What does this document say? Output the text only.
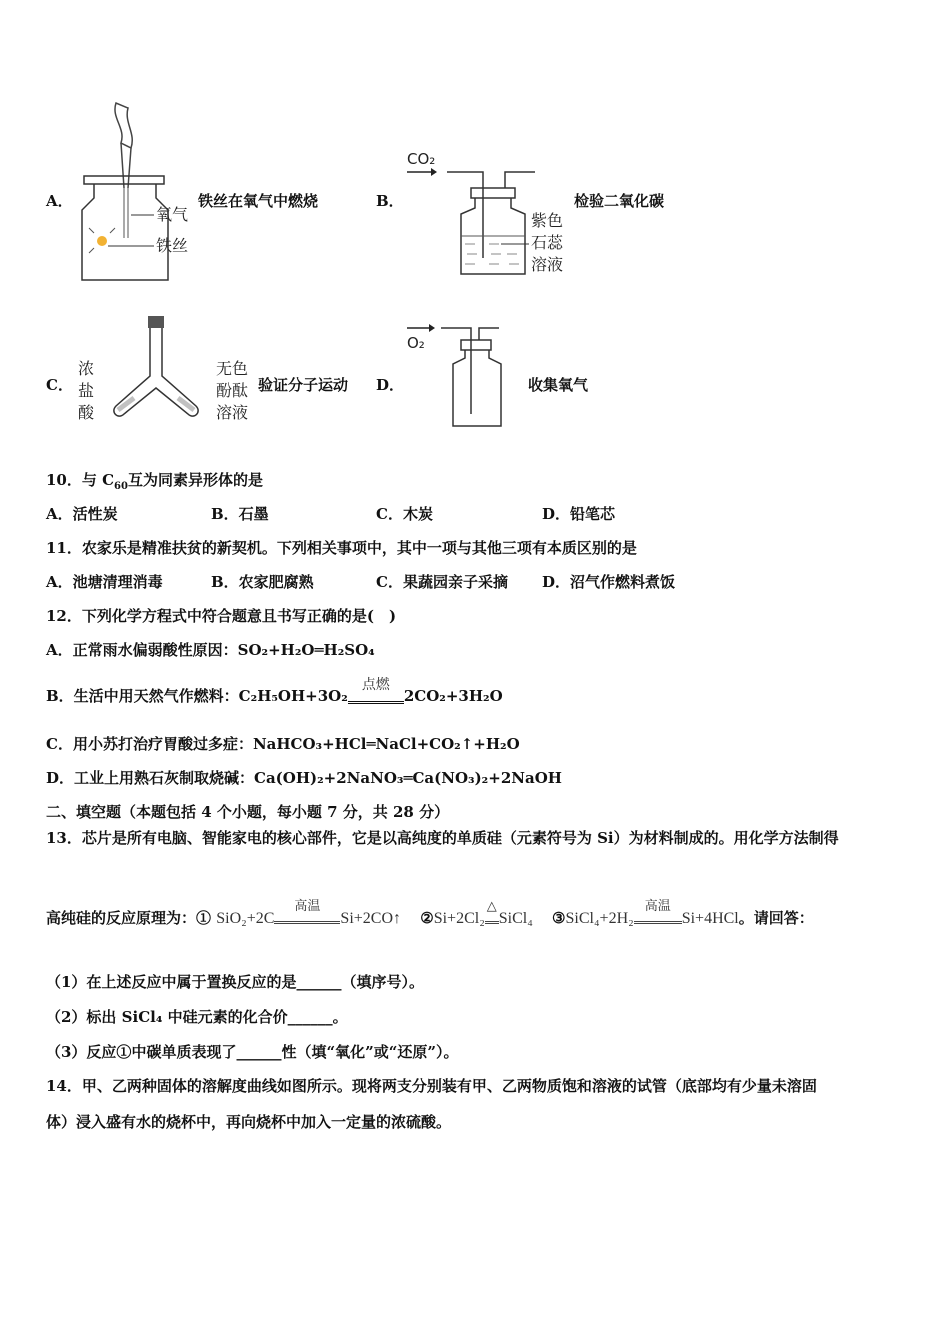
A．
氧气
铁丝
铁丝在氧气中燃烧	B．
CO₂
紫色
石蕊
溶液
检验二氧化碳
C．
浓
盐
酸
无色
酚酞
溶液
验证分子运动 D．
O₂
收集氧气
10．与 $C_{60}$互为同素异形体的是
A．活性炭	B．石墨	C．木炭	D．铅笔芯
11．农家乐是精准扶贫的新契机。下列相关事项中，其中一项与其他三项有本质区别的是
A．池塘清理消毒	B．农家肥腐熟	C．果蔬园亲子采摘 D．沼气作燃料煮饭
12．下列化学方程式中符合题意且书写正确的是(　)
A．正常雨水偏弱酸性原因：SO₂+H₂O═H₂SO₄
B．生活中用天然气作燃料：C₂H₅OH+3O₂
点燃
2CO₂+3H₂O
C．用小苏打治疗胃酸过多症：NaHCO₃+HCl═NaCl+CO₂↑+H₂O
D．工业上用熟石灰制取烧碱：Ca(OH)₂+2NaNO₃═Ca(NO₃)₂+2NaOH
二、填空题（本题包括 4 个小题，每小题 7 分，共 28 分）
13．芯片是所有电脑、智能家电的核心部件，它是以高纯度的单质硅（元素符号为 Si）为材料制成的。用化学方法制得
高纯硅的反应原理为：① SiO₂+2C
高温
Si+2CO↑ ②Si+2Cl₂
△
SiCl₄ ③SiCl₄+2H₂
高温
Si+4HCl。请回答：
（1）在上述反应中属于置换反应的是______（填序号）。
（2）标出 SiCl₄ 中硅元素的化合价______。
（3）反应①中碳单质表现了______性（填“氧化”或“还原”）。
14．甲、乙两种固体的溶解度曲线如图所示。现将两支分别装有甲、乙两物质饱和溶液的试管（底部均有少量未溶固
体）浸入盛有水的烧杯中，再向烧杯中加入一定量的浓硫酸。
